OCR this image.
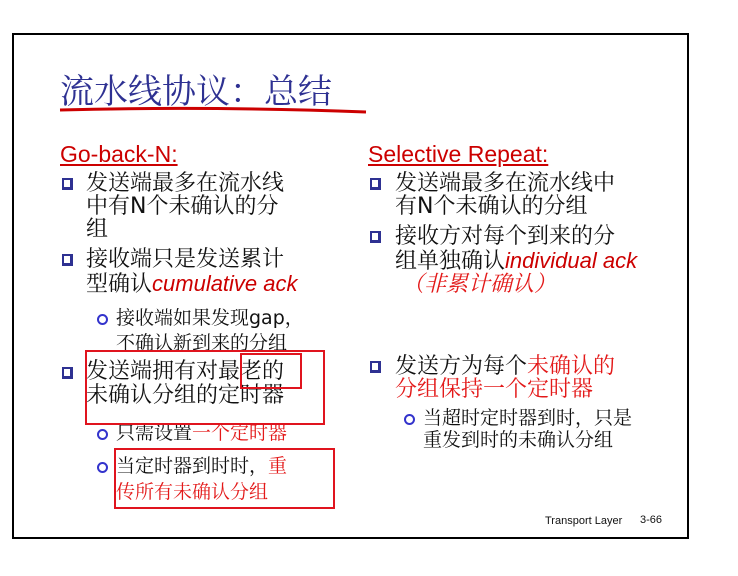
流水线协议：总结
Go-back-N:
发送端最多在流水线
中有N个未确认的分
组
接收端只是发送累计
型确认cumulative ack
接收端如果发现gap，
不确认新到来的分组
发送端拥有对最老的
未确认分组的定时器
只需设置一个定时器
当定时器到时时，重
传所有未确认分组
Selective Repeat:
发送端最多在流水线中
有N个未确认的分组
接收方对每个到来的分
组单独确认individual ack
（非累计确认）
发送方为每个未确认的
分组保持一个定时器
当超时定时器到时，只是
重发到时的未确认分组
Transport Layer 3-66
